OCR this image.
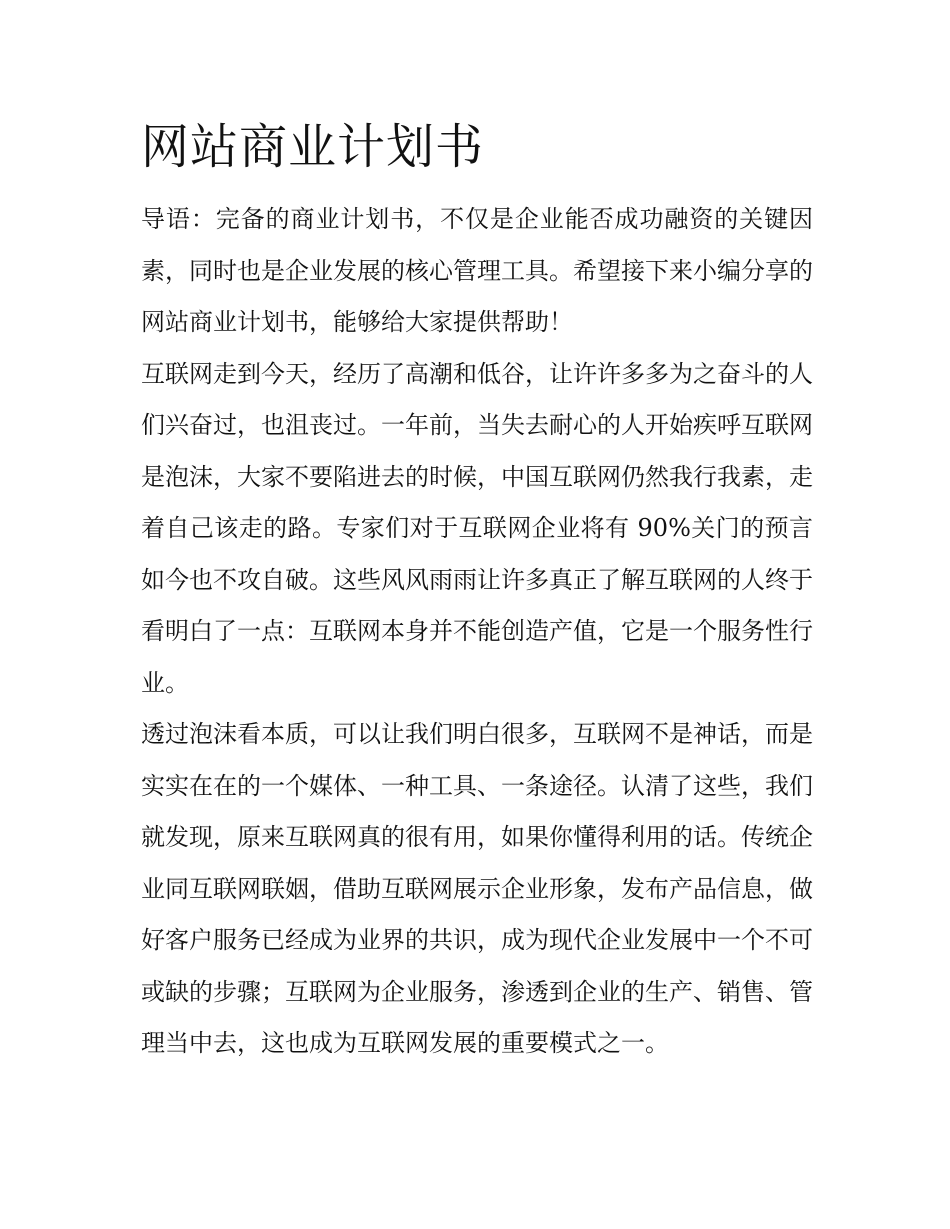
网站商业计划书

导语：完备的商业计划书，不仅是企业能否成功融资的关键因素，同时也是企业发展的核心管理工具。希望接下来小编分享的网站商业计划书，能够给大家提供帮助！

互联网走到今天，经历了高潮和低谷，让许许多多为之奋斗的人们兴奋过，也沮丧过。一年前，当失去耐心的人开始疾呼互联网是泡沫，大家不要陷进去的时候，中国互联网仍然我行我素，走着自己该走的路。专家们对于互联网企业将有 90%关门的预言如今也不攻自破。这些风风雨雨让许多真正了解互联网的人终于看明白了一点：互联网本身并不能创造产值，它是一个服务性行业。

透过泡沫看本质，可以让我们明白很多，互联网不是神话，而是实实在在的一个媒体、一种工具、一条途径。认清了这些，我们就发现，原来互联网真的很有用，如果你懂得利用的话。传统企业同互联网联姻，借助互联网展示企业形象，发布产品信息，做好客户服务已经成为业界的共识，成为现代企业发展中一个不可或缺的步骤；互联网为企业服务，渗透到企业的生产、销售、管理当中去，这也成为互联网发展的重要模式之一。
